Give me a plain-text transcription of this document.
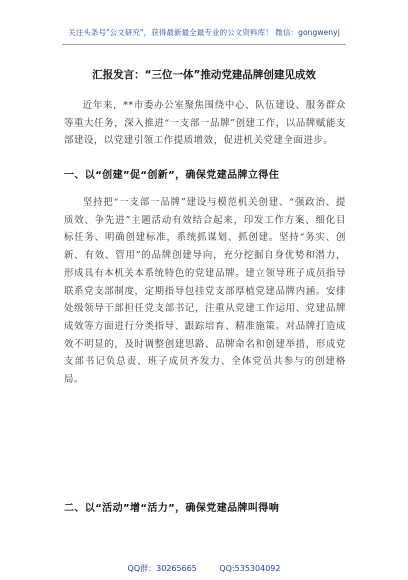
关注头条号"公文研究"，获得最新最全最专业的公文资料库！ 微信：gongwenyj
汇报发言：“三位一体”推动党建品牌创建见成效
近年来，**市委办公室聚焦围绕中心、队伍建设、服务群众等重大任务，深入推进“一支部一品牌”创建工作，以品牌赋能支部建设，以党建引领工作提质增效，促进机关党建全面进步。
一、以“创建”促“创新”，确保党建品牌立得住
坚持把“一支部一品牌”建设与模范机关创建、“强政治、提质效、争先进”主题活动有效结合起来，印发工作方案、细化目标任务、明确创建标准，系统抓谋划、抓创建。坚持“务实、创新、有效、管用”的品牌创建导向，充分挖掘自身优势和潜力，形成具有本机关本系统特色的党建品牌。建立领导班子成员指导联系党支部制度，定期指导包挂党支部厚植党建品牌内涵。安排处级领导干部担任党支部书记，注重从党建工作运用、党建品牌成效等方面进行分类指导、跟踪培育、精准施策。对品牌打造成效不明显的，及时调整创建思路、品牌命名和创建举措，形成党支部书记负总责、班子成员齐发力、全体党员共参与的创建格局。
二、以“活动”增“活力”，确保党建品牌叫得响
QQ群：30265665	QQ:535304092
